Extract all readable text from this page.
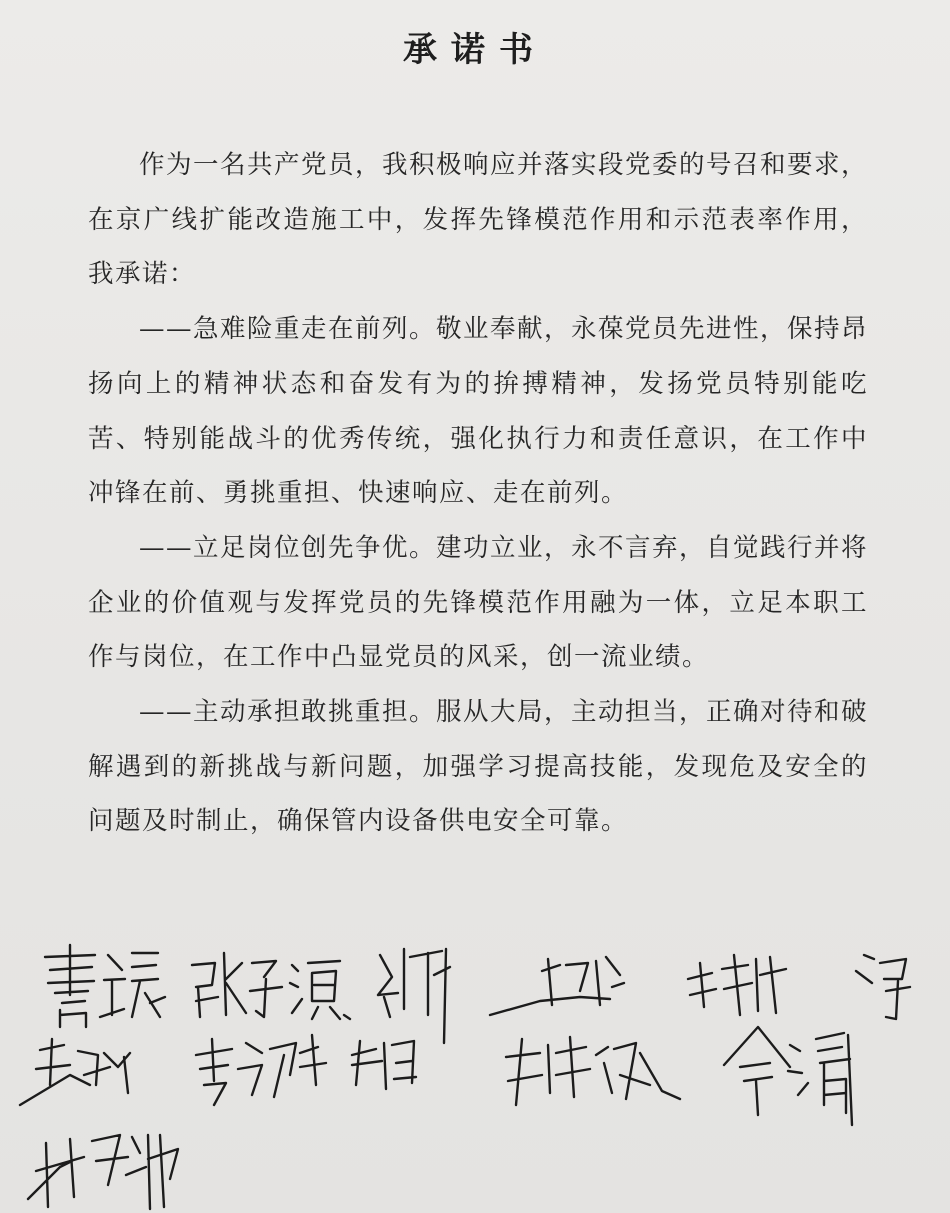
承诺书

作为一名共产党员，我积极响应并落实段党委的号召和要求，在京广线扩能改造施工中，发挥先锋模范作用和示范表率作用，我承诺：

——急难险重走在前列。敬业奉献，永葆党员先进性，保持昂扬向上的精神状态和奋发有为的拚搏精神，发扬党员特别能吃苦、特别能战斗的优秀传统，强化执行力和责任意识，在工作中冲锋在前、勇挑重担、快速响应、走在前列。

——立足岗位创先争优。建功立业，永不言弃，自觉践行并将企业的价值观与发挥党员的先锋模范作用融为一体，立足本职工作与岗位，在工作中凸显党员的风采，创一流业绩。

——主动承担敢挑重担。服从大局，主动担当，正确对待和破解遇到的新挑战与新问题，加强学习提高技能，发现危及安全的问题及时制止，确保管内设备供电安全可靠。
